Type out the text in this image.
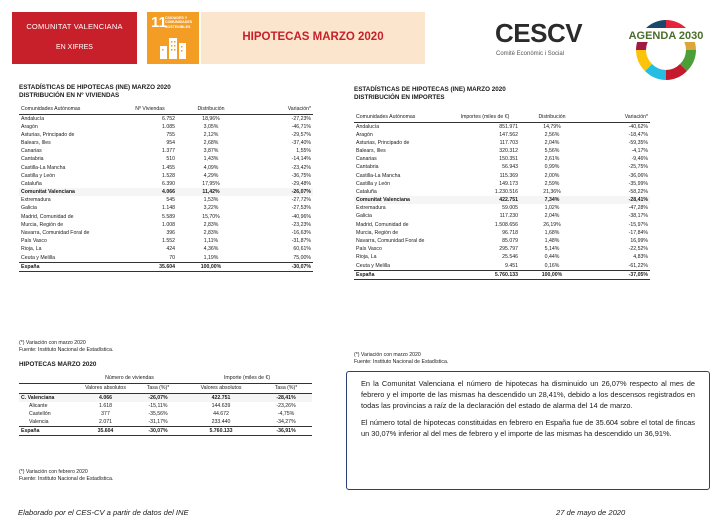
COMUNITAT VALENCIANA
EN XIFRES
11
CIUDADES Y COMUNIDADES SOSTENIBLES
HIPOTECAS MARZO 2020	CESCV
Comitè Econòmic i Social
AGENDA 2030
ESTADÍSTICAS DE HIPOTECAS (INE) MARZO 2020
DISTRIBUCIÓN EN Nº VIVIENDAS
Comunidades Autónomas	Nº Viviendas	Distribución	Variación*
Andalucía	6.752	18,96%	-27,23%
Aragón	1.085	3,05%	-46,71%
Asturias, Principado de	755	2,12%	-29,57%
Balears, Illes	954	2,68%	-37,40%
Canarias	1.377	3,87%	1,55%
Cantabria	510	1,43%	-14,14%
Castilla-La Mancha	1.455	4,09%	-23,42%
Castilla y León	1.528	4,29%	-36,75%
Cataluña	6.390	17,95%	-29,48%
Comunitat Valenciana	4.066	11,42%	-26,07%
Extremadura	545	1,53%	-27,72%
Galicia	1.148	3,22%	-27,53%
Madrid, Comunidad de	5.589	15,70%	-40,96%
Murcia, Región de	1.008	2,83%	-23,23%
Navarra, Comunidad Foral de	396	2,83%	-16,63%
País Vasco	1.552	1,11%	-31,87%
Rioja, La	424	4,36%	60,61%
Ceuta y Melilla	70	1,19%	75,00%
España	35.604	100,00%	-30,07%
(*) Variación con marzo 2020
Fuente: Instituto Nacional de Estadística.
HIPOTECAS MARZO 2020
	Número de viviendas		Importe (miles de €)	
	Valores absolutos	Tasa (%)*	Valores absolutos	Tasa (%)*
C. Valenciana	4.066	-26,07%	422.751	-28,41%
Alicante	1.618	-15,11%	144.639	-23,26%
Castellón	377	-35,56%	44.672	-4,75%
Valencia	2.071	-31,17%	233.440	-34,27%
España	35.604	-30,07%	5.760.133	-36,91%
(*) Variación con febrero 2020
Fuente: Instituto Nacional de Estadística.
ESTADÍSTICAS DE HIPOTECAS (INE) MARZO 2020
DISTRIBUCIÓN EN IMPORTES
Comunidades Autónomas	Importes (miles de €)	Distribución	Variación*
Andalucía	851.971	14,79%	-40,62%
Aragón	147.562	2,56%	-18,47%
Asturias, Principado de	117.703	2,04%	-59,35%
Balears, Illes	320.312	5,56%	-4,17%
Canarias	150.351	2,61%	-9,46%
Cantabria	56.943	0,99%	-25,75%
Castilla-La Mancha	115.369	2,00%	-36,06%
Castilla y León	149.173	2,59%	-35,99%
Cataluña	1.230.516	21,36%	-58,22%
Comunitat Valenciana	422.751	7,34%	-28,41%
Extremadura	59.005	1,02%	-47,28%
Galicia	117.230	2,04%	-38,17%
Madrid, Comunidad de	1.508.656	26,19%	-15,97%
Murcia, Región de	96.718	1,68%	-17,84%
Navarra, Comunidad Foral de	85.079	1,48%	16,99%
País Vasco	295.797	5,14%	-22,52%
Rioja, La	25.546	0,44%	4,83%
Ceuta y Melilla	9.451	0,16%	-61,22%
España	5.760.133	100,00%	-37,05%
(*) Variación con marzo 2020
Fuente: Instituto Nacional de Estadística.

En la Comunitat Valenciana el número de hipotecas ha disminuido un 26,07% respecto al mes de febrero y el importe de las mismas ha descendido un 28,41%, debido a los descensos registrados en todas las provincias a raíz de la declaración del estado de alarma del 14 de marzo.

El número total de hipotecas constituidas en febrero en España fue de 35.604 sobre el total de fincas un 30,07% inferior al del mes de febrero y el importe de las mismas ha descendido un 36,91%.

Elaborado por el CES-CV a partir de datos del INE	27 de mayo de 2020
